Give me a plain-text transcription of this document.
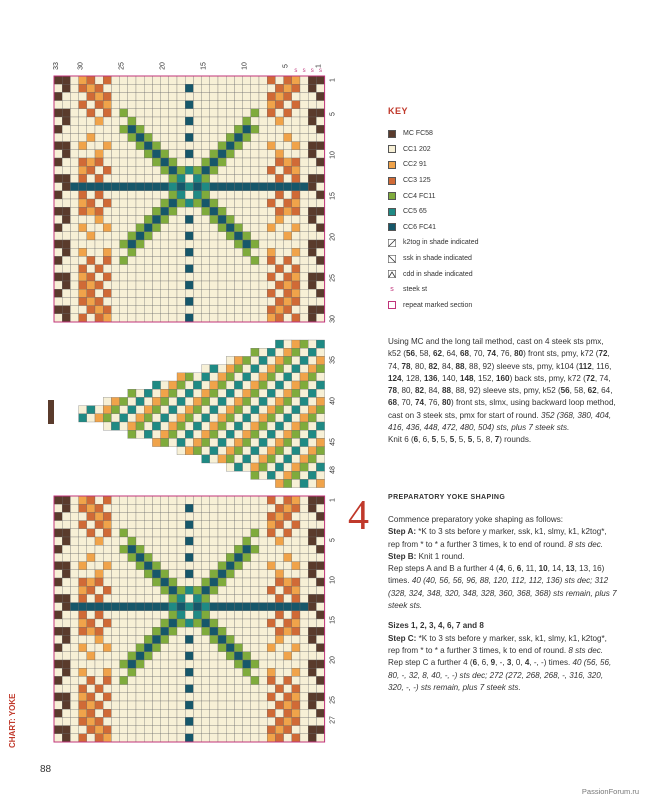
33	30	25	20	15	10	5	1
s
s
s
s
1
5
10
15
20
25
30
35
40
45
48
1
5
10
15
20
25
27
CHART: YOKE
KEY
MC FC58
CC1 202
CC2 91
CC3 125
CC4 FC11
CC5 65
CC6 FC41
k2tog in shade indicated
ssk in shade indicated
cdd in shade indicated
s	steek st
repeat marked section
Using MC and the long tail method, cast on 4 steek sts pmx, k52 (56, 58, 62, 64, 68, 70, 74, 76, 80) front sts, pmy, k72 (72, 74, 78, 80, 82, 84, 88, 88, 92) sleeve sts, pmy, k104 (112, 116, 124, 128, 136, 140, 148, 152, 160) back sts, pmy, k72 (72, 74, 78, 80, 82, 84, 88, 88, 92) sleeve sts, pmy, k52 (56, 58, 62, 64, 68, 70, 74, 76, 80) front sts, slmx, using backward loop method, cast on 3 steek sts, pmx for start of round. 352 (368, 380, 404, 416, 436, 448, 472, 480, 504) sts, plus 7 steek sts.
Knit 6 (6, 6, 5, 5, 5, 5, 5, 5, 8, 7) rounds.
4	PREPARATORY YOKE SHAPING
Commence preparatory yoke shaping as follows:
Step A: *K to 3 sts before y marker, ssk, k1, slmy, k1, k2tog*, rep from * to * a further 3 times, k to end of round. 8 sts dec.
Step B: Knit 1 round.
Rep steps A and B a further 4 (4, 6, 6, 11, 10, 14, 13, 13, 16) times. 40 (40, 56, 56, 96, 88, 120, 112, 112, 136) sts dec; 312 (328, 324, 348, 320, 348, 328, 360, 368, 368) sts remain, plus 7 steek sts.

Sizes 1, 2, 3, 4, 6, 7 and 8
Step C: *K to 3 sts before y marker, ssk, k1, slmy, k1, k2tog*, rep from * to * a further 3 times, k to end of round. 8 sts dec.
Rep step C a further 4 (6, 6, 9, -, 3, 0, 4, -, -) times. 40 (56, 56, 80, -, 32, 8, 40, -, -) sts dec; 272 (272, 268, 268, -, 316, 320, 320, -, -) sts remain, plus 7 steek sts.
88
PassionForum.ru
